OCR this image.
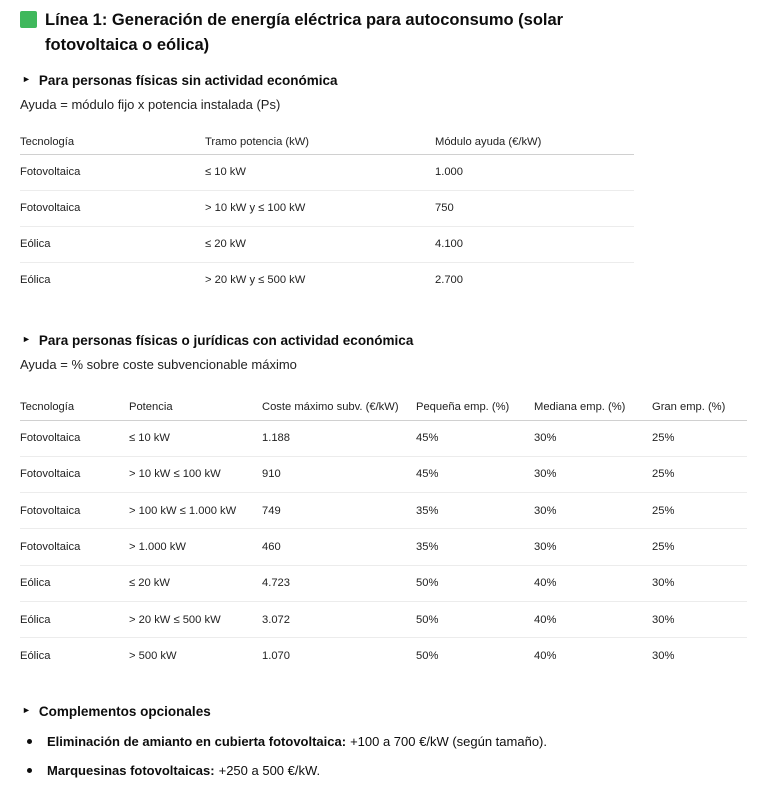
Línea 1: Generación de energía eléctrica para autoconsumo (solar fotovoltaica o eólica)
► Para personas físicas sin actividad económica
Ayuda = módulo fijo x potencia instalada (Ps)
Tecnología	Tramo potencia (kW)	Módulo ayuda (€/kW)
Fotovoltaica	≤ 10 kW	1.000
Fotovoltaica	> 10 kW y ≤ 100 kW	750
Eólica	≤ 20 kW	4.100
Eólica	> 20 kW y ≤ 500 kW	2.700
► Para personas físicas o jurídicas con actividad económica
Ayuda = % sobre coste subvencionable máximo
Tecnología	Potencia	Coste máximo subv. (€/kW)	Pequeña emp. (%)	Mediana emp. (%)	Gran emp. (%)
Fotovoltaica	≤ 10 kW	1.188	45%	30%	25%
Fotovoltaica	> 10 kW ≤ 100 kW	910	45%	30%	25%
Fotovoltaica	> 100 kW ≤ 1.000 kW	749	35%	30%	25%
Fotovoltaica	> 1.000 kW	460	35%	30%	25%
Eólica	≤ 20 kW	4.723	50%	40%	30%
Eólica	> 20 kW ≤ 500 kW	3.072	50%	40%	30%
Eólica	> 500 kW	1.070	50%	40%	30%
► Complementos opcionales
Eliminación de amianto en cubierta fotovoltaica: +100 a 700 €/kW (según tamaño).
Marquesinas fotovoltaicas: +250 a 500 €/kW.
